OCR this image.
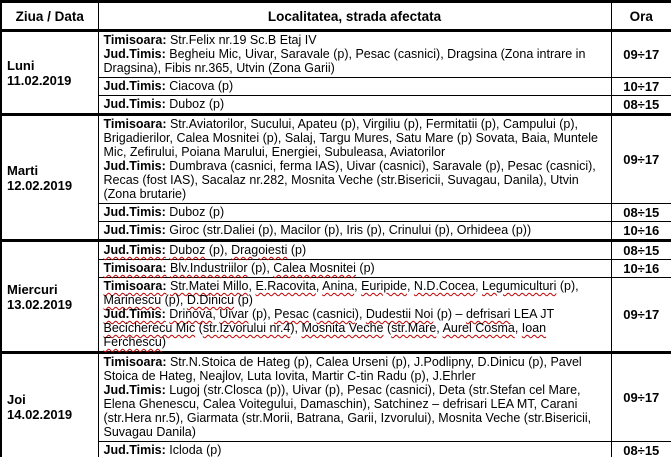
Ziua / Data	Localitatea, strada afectata	Ora

Luni
11.02.2019
	Timisoara: Str.Felix nr.19 Sc.B Etaj IV
Jud.Timis: Begheiu Mic, Uivar, Saravale (p), Pesac (casnici), Dragsina (Zona intrare in Dragsina), Fibis nr.365, Utvin (Zona Garii)	09÷17
	Jud.Timis: Ciacova (p)	10÷17
	Jud.Timis: Duboz (p)	08÷15

Marti
12.02.2019
	Timisoara: Str.Aviatorilor, Sucului, Apateu (p), Virgiliu (p), Fermitatii (p), Campului (p), Brigadierilor, Calea Mosnitei (p), Salaj, Targu Mures, Satu Mare (p) Sovata, Baia, Muntele Mic, Zefirului, Poiana Marului, Energiei, Subuleasa, Aviatorilor
Jud.Timis: Dumbrava (casnici, ferma IAS), Uivar (casnici), Saravale (p), Pesac (casnici), Recas (fost IAS), Sacalaz nr.282, Mosnita Veche (str.Bisericii, Suvagau, Danila), Utvin (Zona brutarie)	09÷17
	Jud.Timis: Duboz (p)	08÷15
	Jud.Timis: Giroc (str.Daliei (p), Macilor (p), Iris (p), Crinului (p), Orhideea (p))	10÷16

Miercuri
13.02.2019	Jud.Timis: Duboz (p), Dragoiesti (p)	08÷15
	Timisoara: Blv.Industriilor (p), Calea Mosnitei (p)	10÷16
	Timisoara: Str.Matei Millo, E.Racovita, Anina, Euripide, N.D.Cocea, Legumiculturi (p), Marinescu (p), D.Dinicu (p)
Jud.Timis: Drinova, Uivar (p), Pesac (casnici), Dudestii Noi (p) – defrisari LEA JT Becicherecu Mic (str.Izvorului nr.4), Mosnita Veche (str.Mare, Aurel Cosma, Ioan Ferchescu)	09÷17

Joi
14.02.2019
	Timisoara: Str.N.Stoica de Hateg (p), Calea Urseni (p), J.Podlipny, D.Dinicu (p), Pavel Stoica de Hateg, Neajlov, Luta Iovita, Martir C-tin Radu (p), J.Ehrler
Jud.Timis: Lugoj (str.Closca (p)), Uivar (p), Pesac (casnici), Deta (str.Stefan cel Mare, Elena Ghenescu, Calea Voitegului, Damaschin), Satchinez – defrisari LEA MT, Carani (str.Hera nr.5), Giarmata (str.Morii, Batrana, Garii, Izvorului), Mosnita Veche (str.Bisericii, Suvagau Danila)	09÷17
	Jud.Timis: Icloda (p)	08÷15
